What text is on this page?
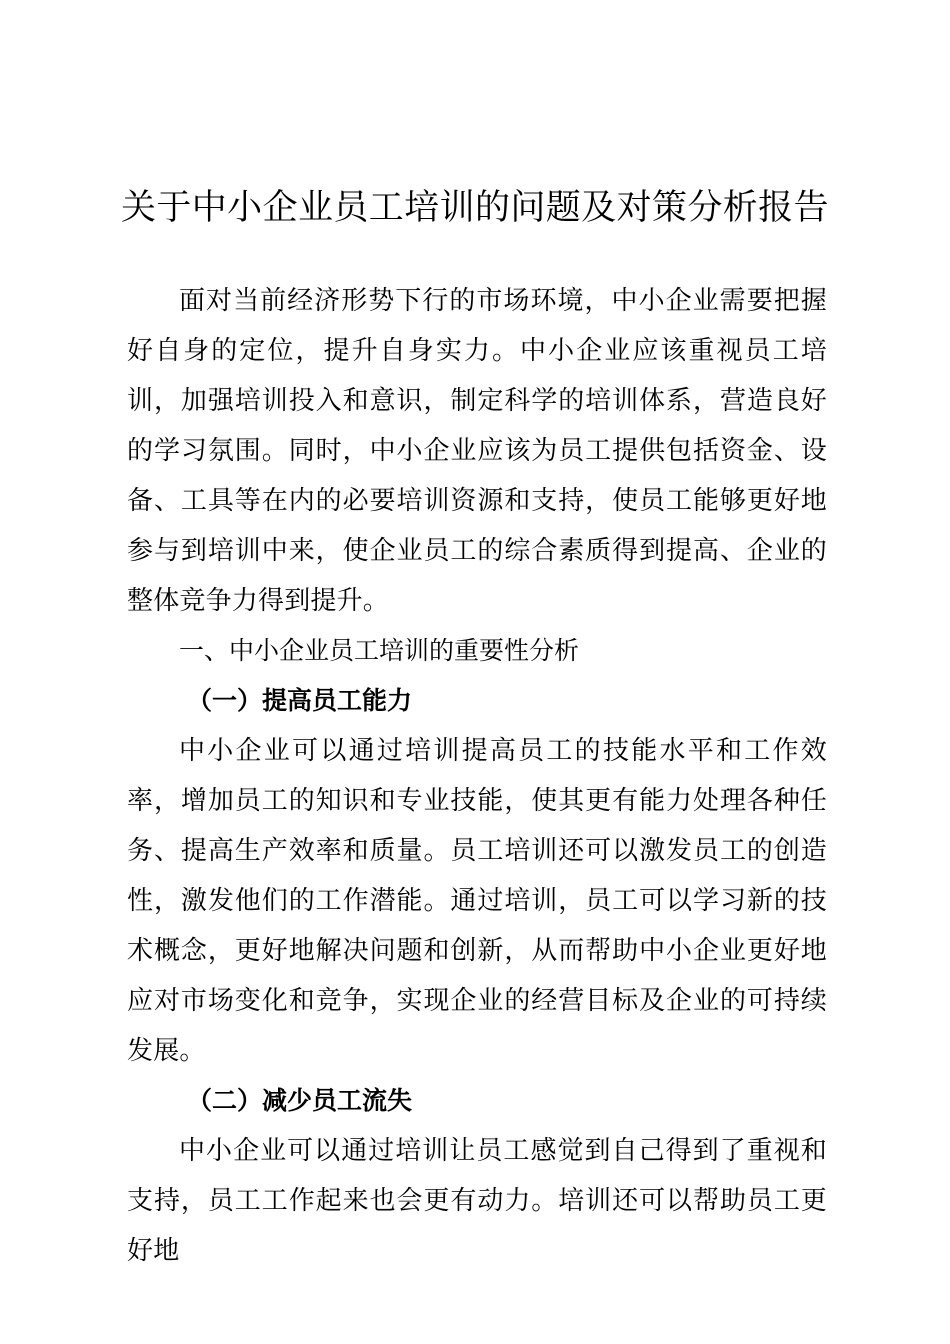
关于中小企业员工培训的问题及对策分析报告

面对当前经济形势下行的市场环境，中小企业需要把握好自身的定位，提升自身实力。中小企业应该重视员工培训，加强培训投入和意识，制定科学的培训体系，营造良好的学习氛围。同时，中小企业应该为员工提供包括资金、设备、工具等在内的必要培训资源和支持，使员工能够更好地参与到培训中来，使企业员工的综合素质得到提高、企业的整体竞争力得到提升。

一、中小企业员工培训的重要性分析

（一）提高员工能力

中小企业可以通过培训提高员工的技能水平和工作效率，增加员工的知识和专业技能，使其更有能力处理各种任务、提高生产效率和质量。员工培训还可以激发员工的创造性，激发他们的工作潜能。通过培训，员工可以学习新的技术概念，更好地解决问题和创新，从而帮助中小企业更好地应对市场变化和竞争，实现企业的经营目标及企业的可持续发展。

（二）减少员工流失

中小企业可以通过培训让员工感觉到自己得到了重视和支持，员工工作起来也会更有动力。培训还可以帮助员工更好地
